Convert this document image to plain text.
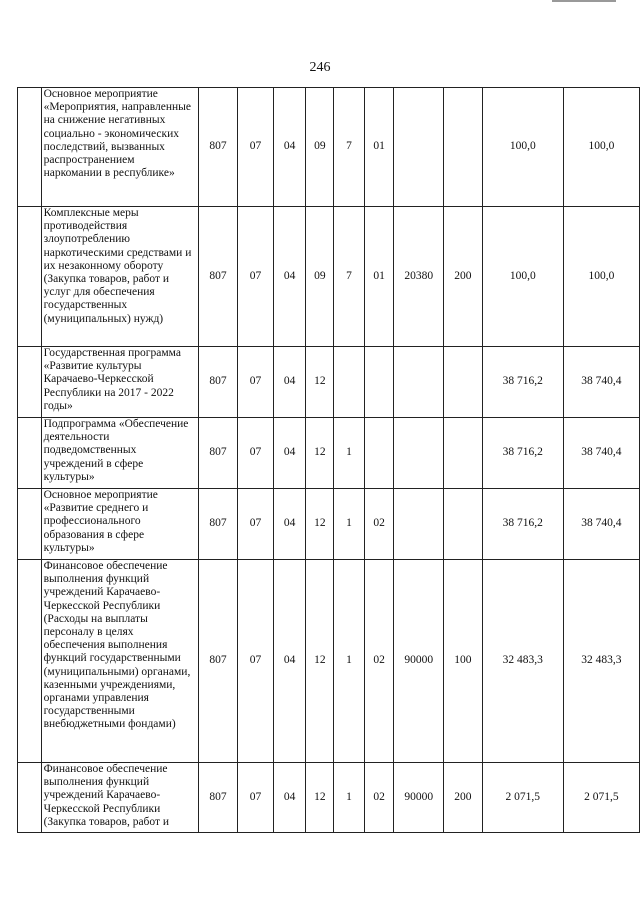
246
	Основное мероприятие «Мероприятия, направленные на снижение негативных социально - экономических последствий, вызванных распространением наркомании в республике»	807	07	04	09	7	01			100,0	100,0
	Комплексные меры противодействия злоупотреблению наркотическими средствами и их незаконному обороту (Закупка товаров, работ и услуг для обеспечения государственных (муниципальных) нужд)	807	07	04	09	7	01	20380	200	100,0	100,0
	Государственная программа «Развитие культуры Карачаево-Черкесской Республики на 2017 - 2022 годы»	807	07	04	12					38 716,2	38 740,4
	Подпрограмма «Обеспечение деятельности подведомственных учреждений в сфере культуры»	807	07	04	12	1				38 716,2	38 740,4
	Основное мероприятие «Развитие среднего и профессионального образования в сфере культуры»	807	07	04	12	1	02			38 716,2	38 740,4
	Финансовое обеспечение выполнения функций учреждений Карачаево-Черкесской Республики (Расходы на выплаты персоналу в целях обеспечения выполнения функций государственными (муниципальными) органами, казенными учреждениями, органами управления государственными внебюджетными фондами)	807	07	04	12	1	02	90000	100	32 483,3	32 483,3
	Финансовое обеспечение выполнения функций учреждений Карачаево-Черкесской Республики (Закупка товаров, работ и	807	07	04	12	1	02	90000	200	2 071,5	2 071,5
